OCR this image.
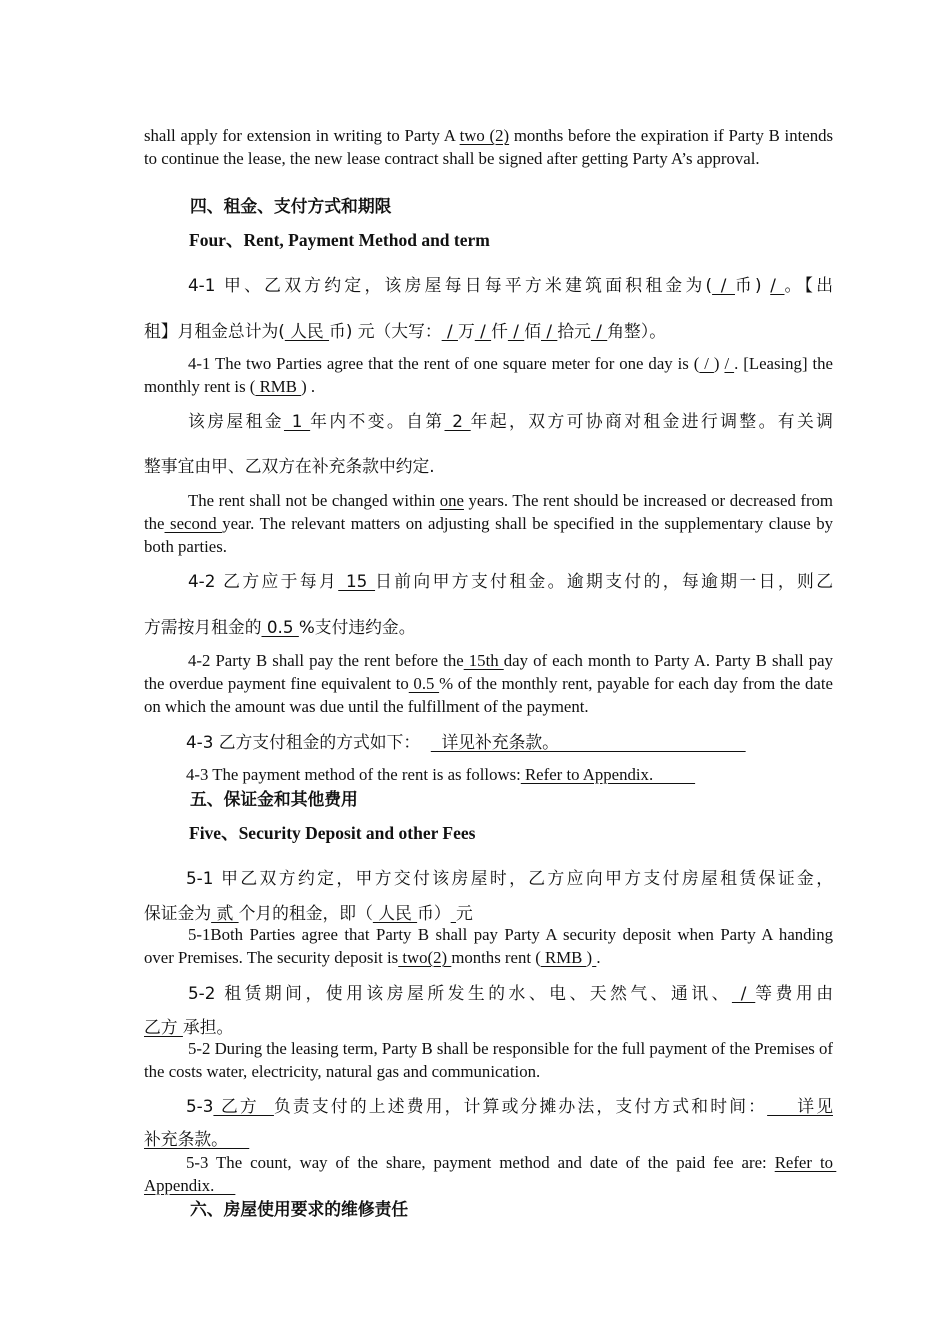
shall apply for extension in writing to Party A two (2) months before the expiration if Party B intends to continue the lease, the new lease contract shall be signed after getting Party A’s approval.

四、租金、支付方式和期限

Four、Rent, Payment Method and term

4-1 甲、乙双方约定，该房屋每日每平方米建筑面积租金为( / 币) / 。【出
租】月租金总计为( 人民 币) 元（大写： / 万 / 仟 / 佰 / 拾元 / 角整）。

4-1 The two Parties agree that the rent of one square meter for one day is ( / ) / . [Leasing] the monthly rent is ( RMB ) .

该房屋租金 1 年内不变。自第 2 年起，双方可协商对租金进行调整。有关调
整事宜由甲、乙双方在补充条款中约定.

The rent shall not be changed within one years. The rent should be increased or decreased from the second year. The relevant matters on adjusting shall be specified in the supplementary clause by both parties.

4-2 乙方应于每月 15 日前向甲方支付租金。逾期支付的，每逾期一日，则乙
方需按月租金的 0.5 %支付违约金。

4-2 Party B shall pay the rent before the 15th day of each month to Party A. Party B shall pay the overdue payment fine equivalent to 0.5 % of the monthly rent, payable for each day from the date on which the amount was due until the fulfillment of the payment.

4-3 乙方支付租金的方式如下：    详见补充条款。

4-3 The payment method of the rent is as follows: Refer to Appendix.

五、保证金和其他费用

Five、Security Deposit and other Fees

5-1 甲乙双方约定，甲方交付该房屋时，乙方应向甲方支付房屋租赁保证金，
保证金为 贰 个月的租金，即（ 人民 币） 元

5-1Both Parties agree that Party B shall pay Party A security deposit when Party A handing over Premises. The security deposit is two(2) months rent ( RMB ) .

5-2 租赁期间，使用该房屋所发生的水、电、天然气、通讯、 / 等费用由
乙方 承担。

5-2 During the leasing term, Party B shall be responsible for the full payment of the Premises of the costs water, electricity, natural gas and communication.

5-3 乙方  负责支付的上述费用，计算或分摊办法，支付方式和时间：    详见
补充条款。

5-3 The count, way of the share, payment method and date of the paid fee are: Refer to Appendix.

六、房屋使用要求的维修责任
